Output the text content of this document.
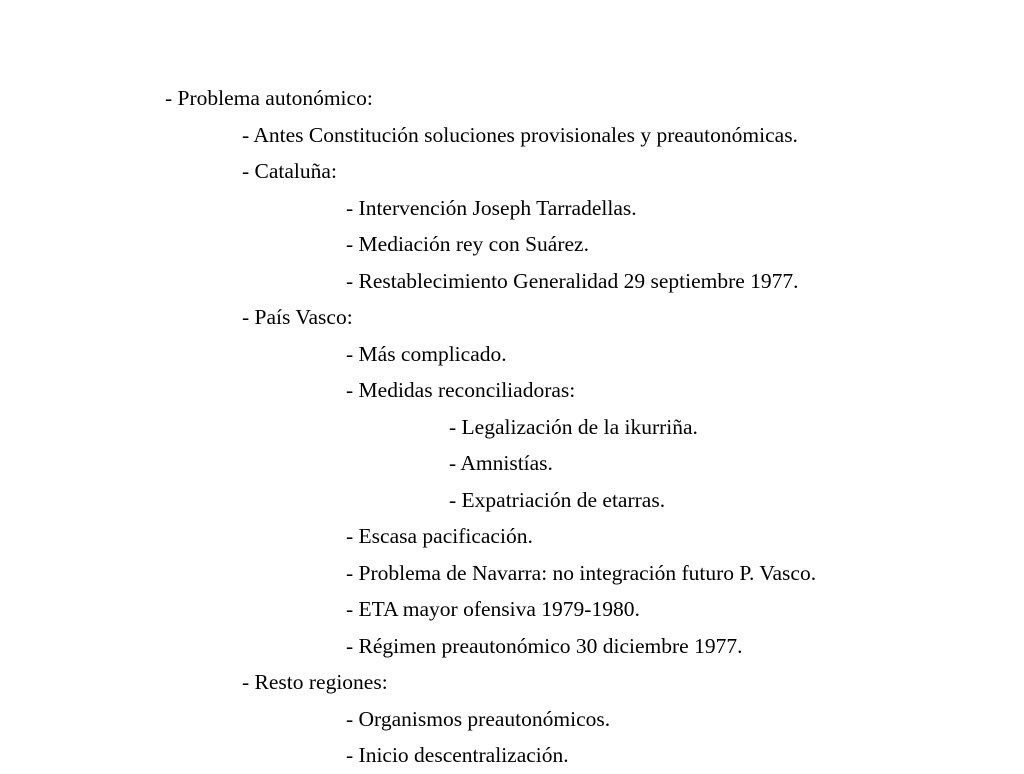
- Problema autonómico:
- Antes Constitución soluciones provisionales y preautonómicas.
- Cataluña:
- Intervención Joseph Tarradellas.
- Mediación rey con Suárez.
- Restablecimiento Generalidad 29 septiembre 1977.
- País Vasco:
- Más complicado.
- Medidas reconciliadoras:
- Legalización de la ikurriña.
- Amnistías.
- Expatriación de etarras.
- Escasa pacificación.
- Problema de Navarra: no integración futuro P. Vasco.
- ETA mayor ofensiva 1979-1980.
- Régimen preautonómico 30 diciembre 1977.
- Resto regiones:
- Organismos preautonómicos.
- Inicio descentralización.
